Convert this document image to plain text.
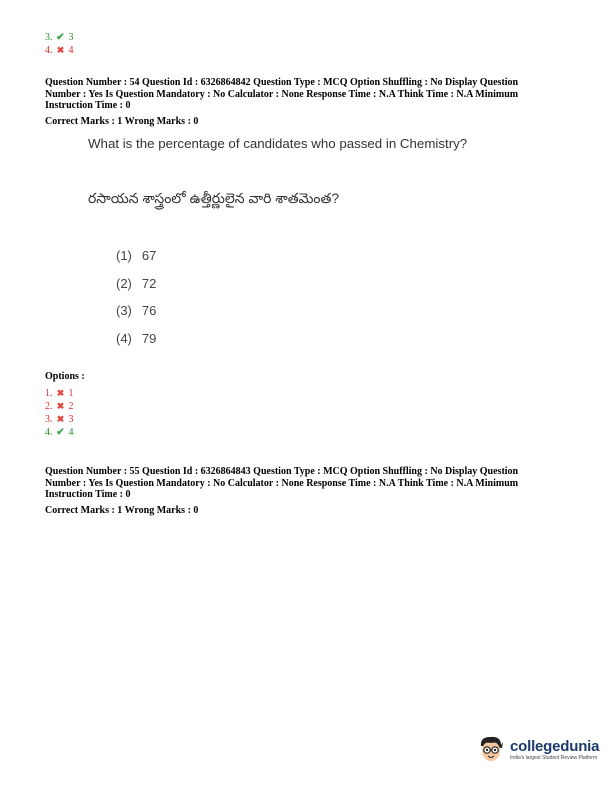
3. ✔ 3
4. ✖ 4

Question Number : 54 Question Id : 6326864842 Question Type : MCQ Option Shuffling : No Display Question

Number : Yes Is Question Mandatory : No Calculator : None Response Time : N.A Think Time : N.A Minimum

Instruction Time : 0

Correct Marks : 1 Wrong Marks : 0

What is the percentage of candidates who passed in Chemistry?
రసాయన శాస్త్రంలో ఉత్తీర్ణులైన వారి శాతమెంత?
(1) 67
(2) 72
(3) 76
(4) 79
Options :
1. ✖ 1
2. ✖ 2
3. ✖ 3
4. ✔ 4

Question Number : 55 Question Id : 6326864843 Question Type : MCQ Option Shuffling : No Display Question

Number : Yes Is Question Mandatory : No Calculator : None Response Time : N.A Think Time : N.A Minimum

Instruction Time : 0

Correct Marks : 1 Wrong Marks : 0

collegedunia
India's largest Student Review Platform
